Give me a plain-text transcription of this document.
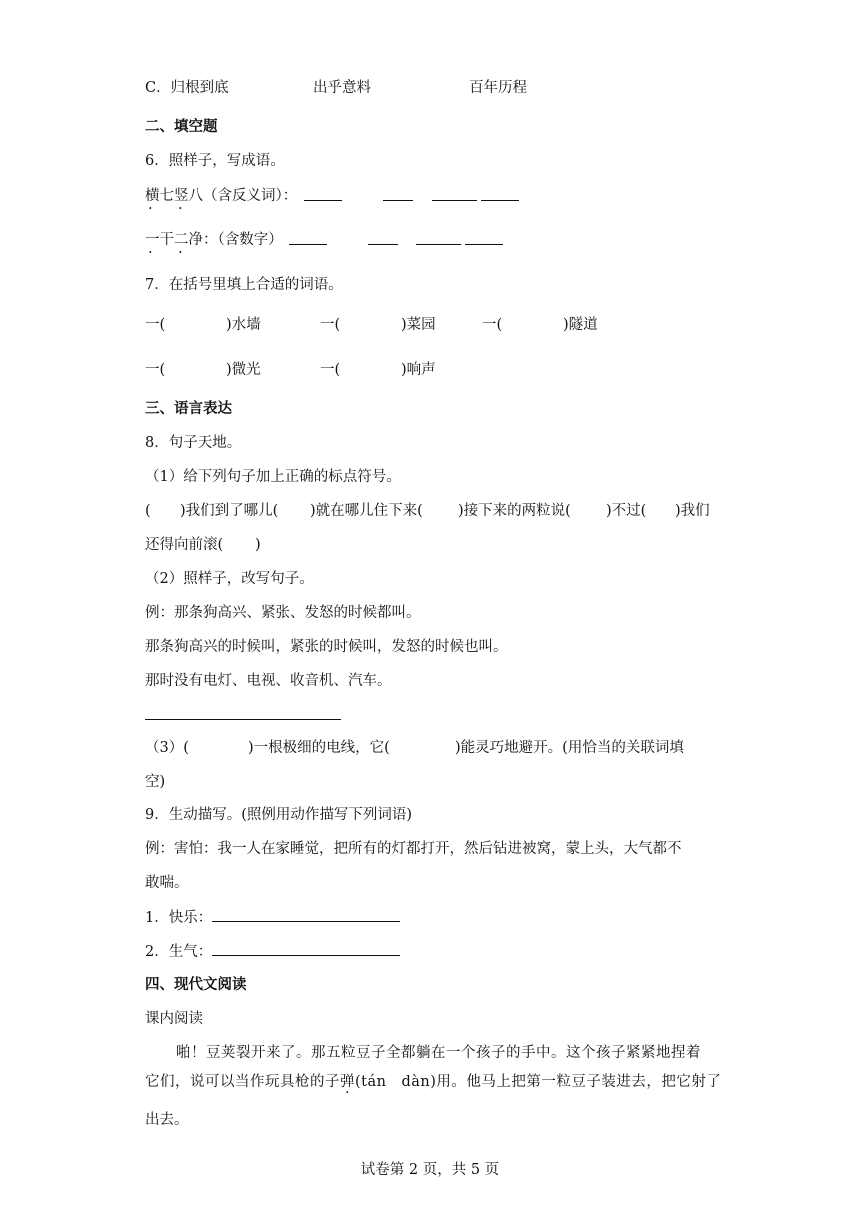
C．归根到底	出乎意料	百年历程
二、填空题
6．照样子，写成语。
横七竖八（含反义词）：
· ·
一干二净：（含数字）
· ·
7．在括号里填上合适的词语。
一(	)水墙	一(	)菜园	一(	)隧道
一(	)微光	一(	)响声
三、语言表达
8．句子天地。
（1）给下列句子加上正确的标点符号。
( )我们到了哪儿( )就在哪儿住下来( )接下来的两粒说( )不过( )我们
还得向前滚( )
（2）照样子，改写句子。
例：那条狗高兴、紧张、发怒的时候都叫。
那条狗高兴的时候叫，紧张的时候叫，发怒的时候也叫。
那时没有电灯、电视、收音机、汽车。
（3）(	)一根极细的电线，它(	)能灵巧地避开。(用恰当的关联词填
空)
9．生动描写。(照例用动作描写下列词语)
例：害怕：我一人在家睡觉，把所有的灯都打开，然后钻进被窝，蒙上头，大气都不
敢喘。
1．快乐：
2．生气：
四、现代文阅读
课内阅读
啪！豆荚裂开来了。那五粒豆子全都躺在一个孩子的手中。这个孩子紧紧地捏着
它们，说可以当作玩具枪的子弹(tán　dàn)用。他马上把第一粒豆子装进去，把它射了
出去。
试卷第 2 页，共 5 页
